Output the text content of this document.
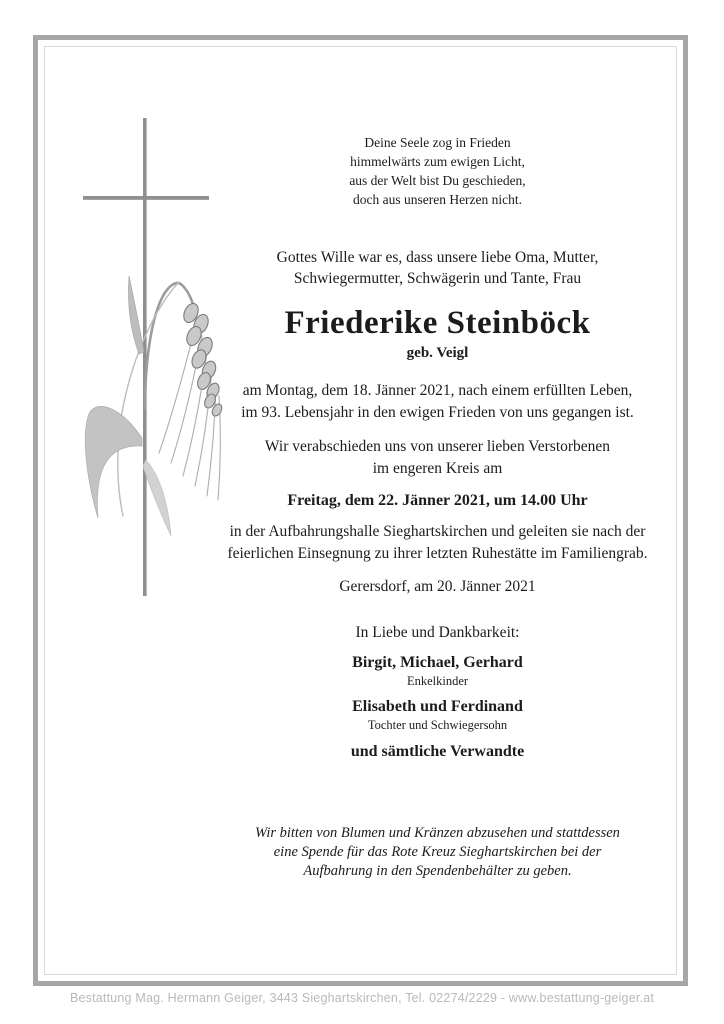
Deine Seele zog in Frieden
himmelwärts zum ewigen Licht,
aus der Welt bist Du geschieden,
doch aus unseren Herzen nicht.
Gottes Wille war es, dass unsere liebe Oma, Mutter,
Schwiegermutter, Schwägerin und Tante, Frau
Friederike Steinböck
geb. Veigl
am Montag, dem 18. Jänner 2021, nach einem erfüllten Leben,
im 93. Lebensjahr in den ewigen Frieden von uns gegangen ist.
Wir verabschieden uns von unserer lieben Verstorbenen
im engeren Kreis am
Freitag, dem 22. Jänner 2021, um 14.00 Uhr
in der Aufbahrungshalle Sieghartskirchen und geleiten sie nach der
feierlichen Einsegnung zu ihrer letzten Ruhestätte im Familiengrab.
Gerersdorf, am 20. Jänner 2021
In Liebe und Dankbarkeit:
Birgit, Michael, Gerhard
Enkelkinder
Elisabeth und Ferdinand
Tochter und Schwiegersohn
und sämtliche Verwandte
Wir bitten von Blumen und Kränzen abzusehen und stattdessen
eine Spende für das Rote Kreuz Sieghartskirchen bei der
Aufbahrung in den Spendenbehälter zu geben.
Bestattung Mag. Hermann Geiger, 3443 Sieghartskirchen, Tel. 02274/2229 - www.bestattung-geiger.at
